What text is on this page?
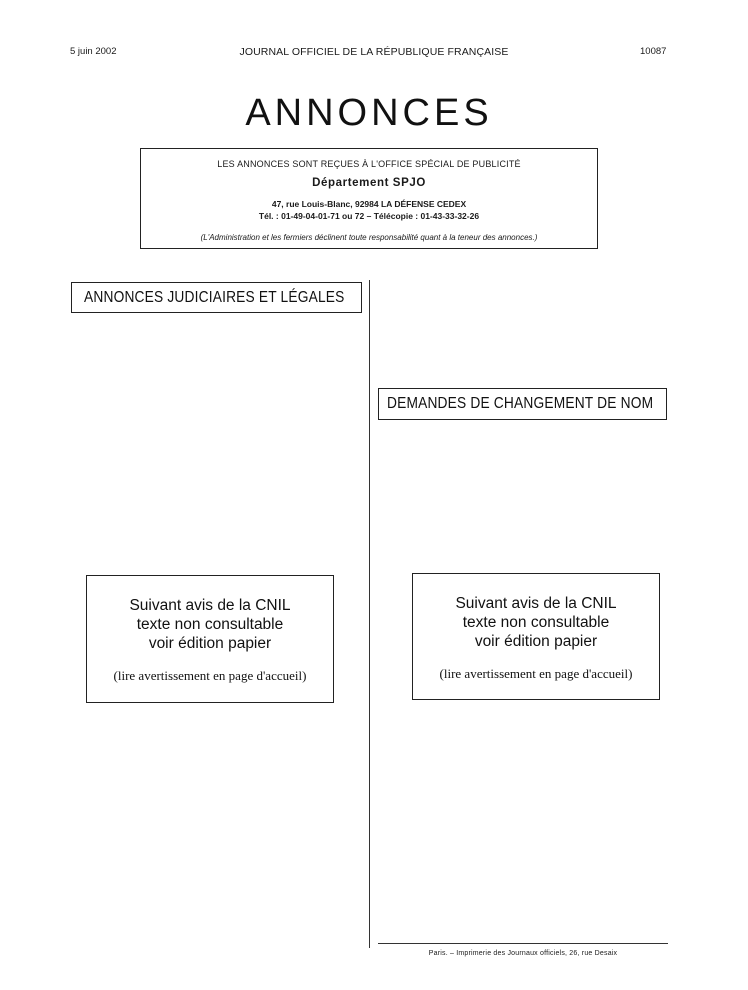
5 juin 2002	JOURNAL OFFICIEL DE LA RÉPUBLIQUE FRANÇAISE	10087
ANNONCES
LES ANNONCES SONT REÇUES À L'OFFICE SPÉCIAL DE PUBLICITÉ
Département SPJO
47, rue Louis-Blanc, 92984 LA DÉFENSE CEDEX
Tél. : 01-49-04-01-71 ou 72 – Télécopie : 01-43-33-32-26
(L'Administration et les fermiers déclinent toute responsabilité quant à la teneur des annonces.)
ANNONCES JUDICIAIRES ET LÉGALES
Suivant avis de la CNIL
texte non consultable
voir édition papier
(lire avertissement en page d'accueil)
DEMANDES DE CHANGEMENT DE NOM
Suivant avis de la CNIL
texte non consultable
voir édition papier
(lire avertissement en page d'accueil)
Paris. – Imprimerie des Journaux officiels, 26, rue Desaix
